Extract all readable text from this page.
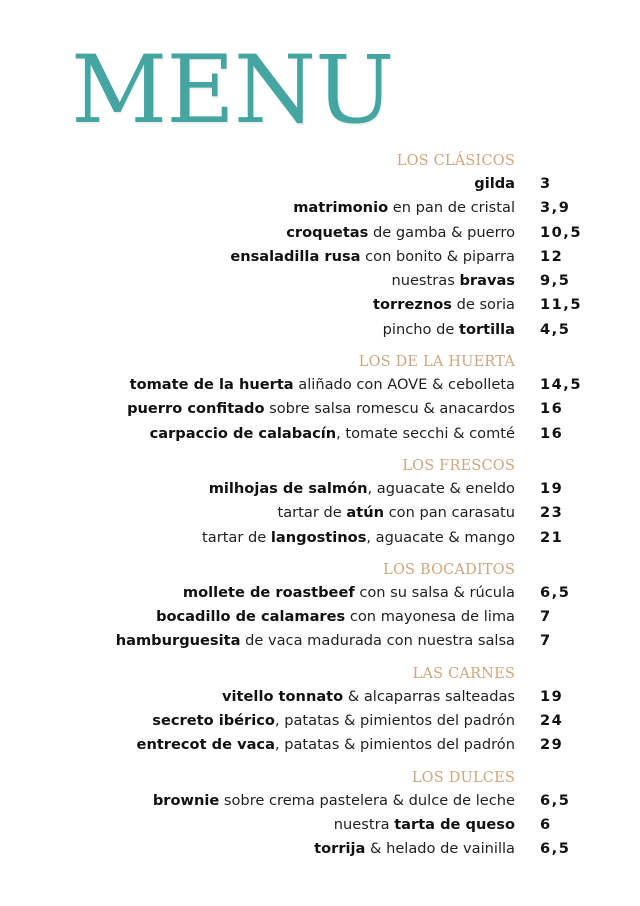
MENU
LOS CLÁSICOS
gilda 3
matrimonio en pan de cristal 3,9
croquetas de gamba & puerro 10,5
ensaladilla rusa con bonito & piparra 12
nuestras bravas 9,5
torreznos de soria 11,5
pincho de tortilla 4,5
LOS DE LA HUERTA
tomate de la huerta aliñado con AOVE & cebolleta 14,5
puerro confitado sobre salsa romescu & anacardos 16
carpaccio de calabacín, tomate secchi & comté 16
LOS FRESCOS
milhojas de salmón, aguacate & eneldo 19
tartar de atún con pan carasatu 23
tartar de langostinos, aguacate & mango 21
LOS BOCADITOS
mollete de roastbeef con su salsa & rúcula 6,5
bocadillo de calamares con mayonesa de lima 7
hamburguesita de vaca madurada con nuestra salsa 7
LAS CARNES
vitello tonnato & alcaparras salteadas 19
secreto ibérico, patatas & pimientos del padrón 24
entrecot de vaca, patatas & pimientos del padrón 29
LOS DULCES
brownie sobre crema pastelera & dulce de leche 6,5
nuestra tarta de queso 6
torrija & helado de vainilla 6,5
